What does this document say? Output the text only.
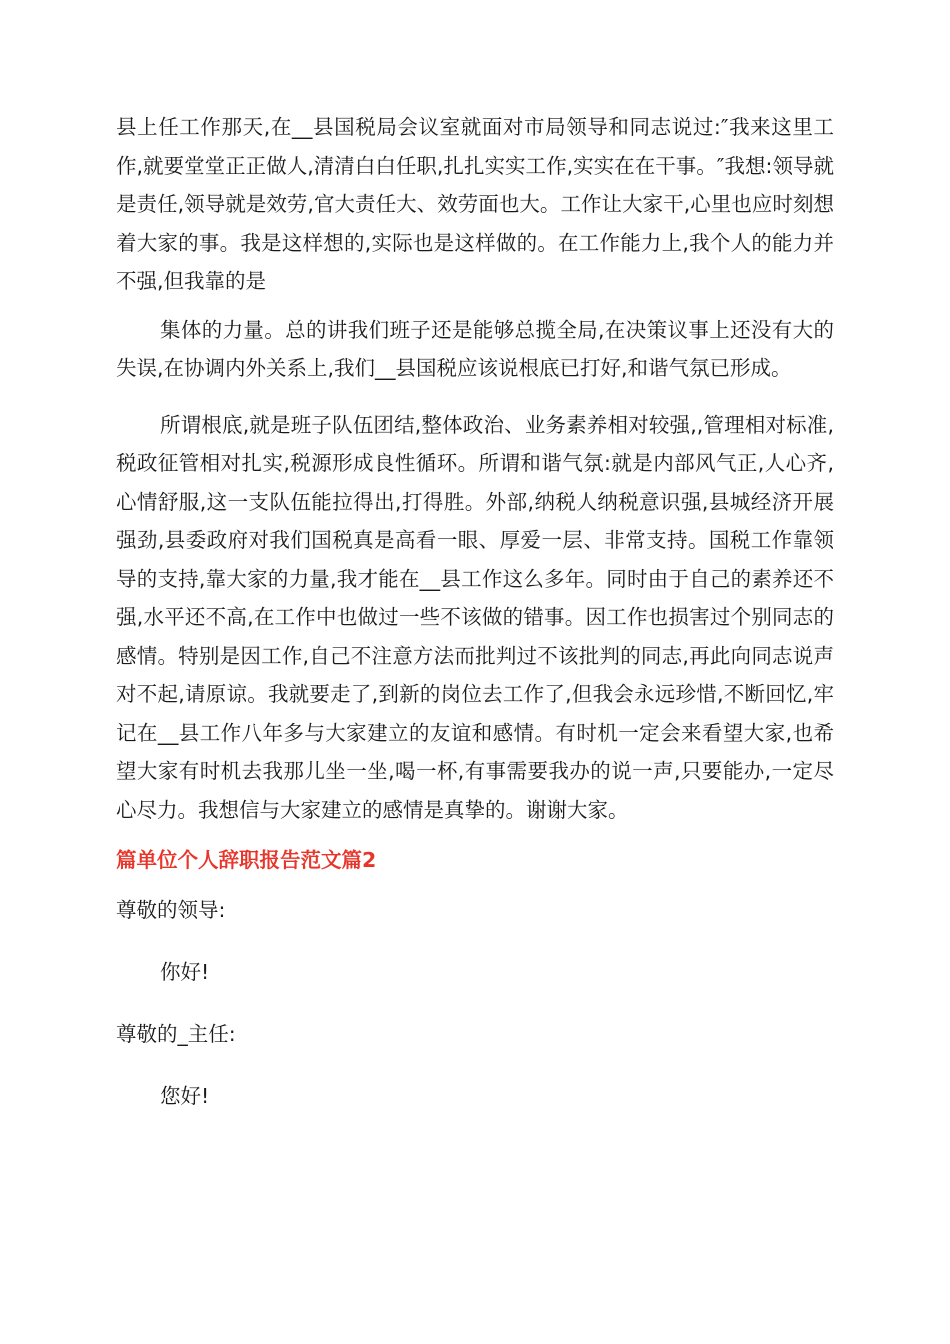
县上任工作那天,在__县国税局会议室就面对市局领导和同志说过:″我来这里工作,就要堂堂正正做人,清清白白任职,扎扎实实工作,实实在在干事。″我想:领导就是责任,领导就是效劳,官大责任大、效劳面也大。工作让大家干,心里也应时刻想着大家的事。我是这样想的,实际也是这样做的。在工作能力上,我个人的能力并不强,但我靠的是

集体的力量。总的讲我们班子还是能够总揽全局,在决策议事上还没有大的失误,在协调内外关系上,我们__县国税应该说根底已打好,和谐气氛已形成。

所谓根底,就是班子队伍团结,整体政治、业务素养相对较强,,管理相对标准,税政征管相对扎实,税源形成良性循环。所谓和谐气氛:就是内部风气正,人心齐,心情舒服,这一支队伍能拉得出,打得胜。外部,纳税人纳税意识强,县城经济开展强劲,县委政府对我们国税真是高看一眼、厚爱一层、非常支持。国税工作靠领导的支持,靠大家的力量,我才能在__县工作这么多年。同时由于自己的素养还不强,水平还不高,在工作中也做过一些不该做的错事。因工作也损害过个别同志的感情。特别是因工作,自己不注意方法而批判过不该批判的同志,再此向同志说声对不起,请原谅。我就要走了,到新的岗位去工作了,但我会永远珍惜,不断回忆,牢记在__县工作八年多与大家建立的友谊和感情。有时机一定会来看望大家,也希望大家有时机去我那儿坐一坐,喝一杯,有事需要我办的说一声,只要能办,一定尽心尽力。我想信与大家建立的感情是真挚的。谢谢大家。

篇单位个人辞职报告范文篇2

尊敬的领导:

你好!

尊敬的_主任:

您好!
